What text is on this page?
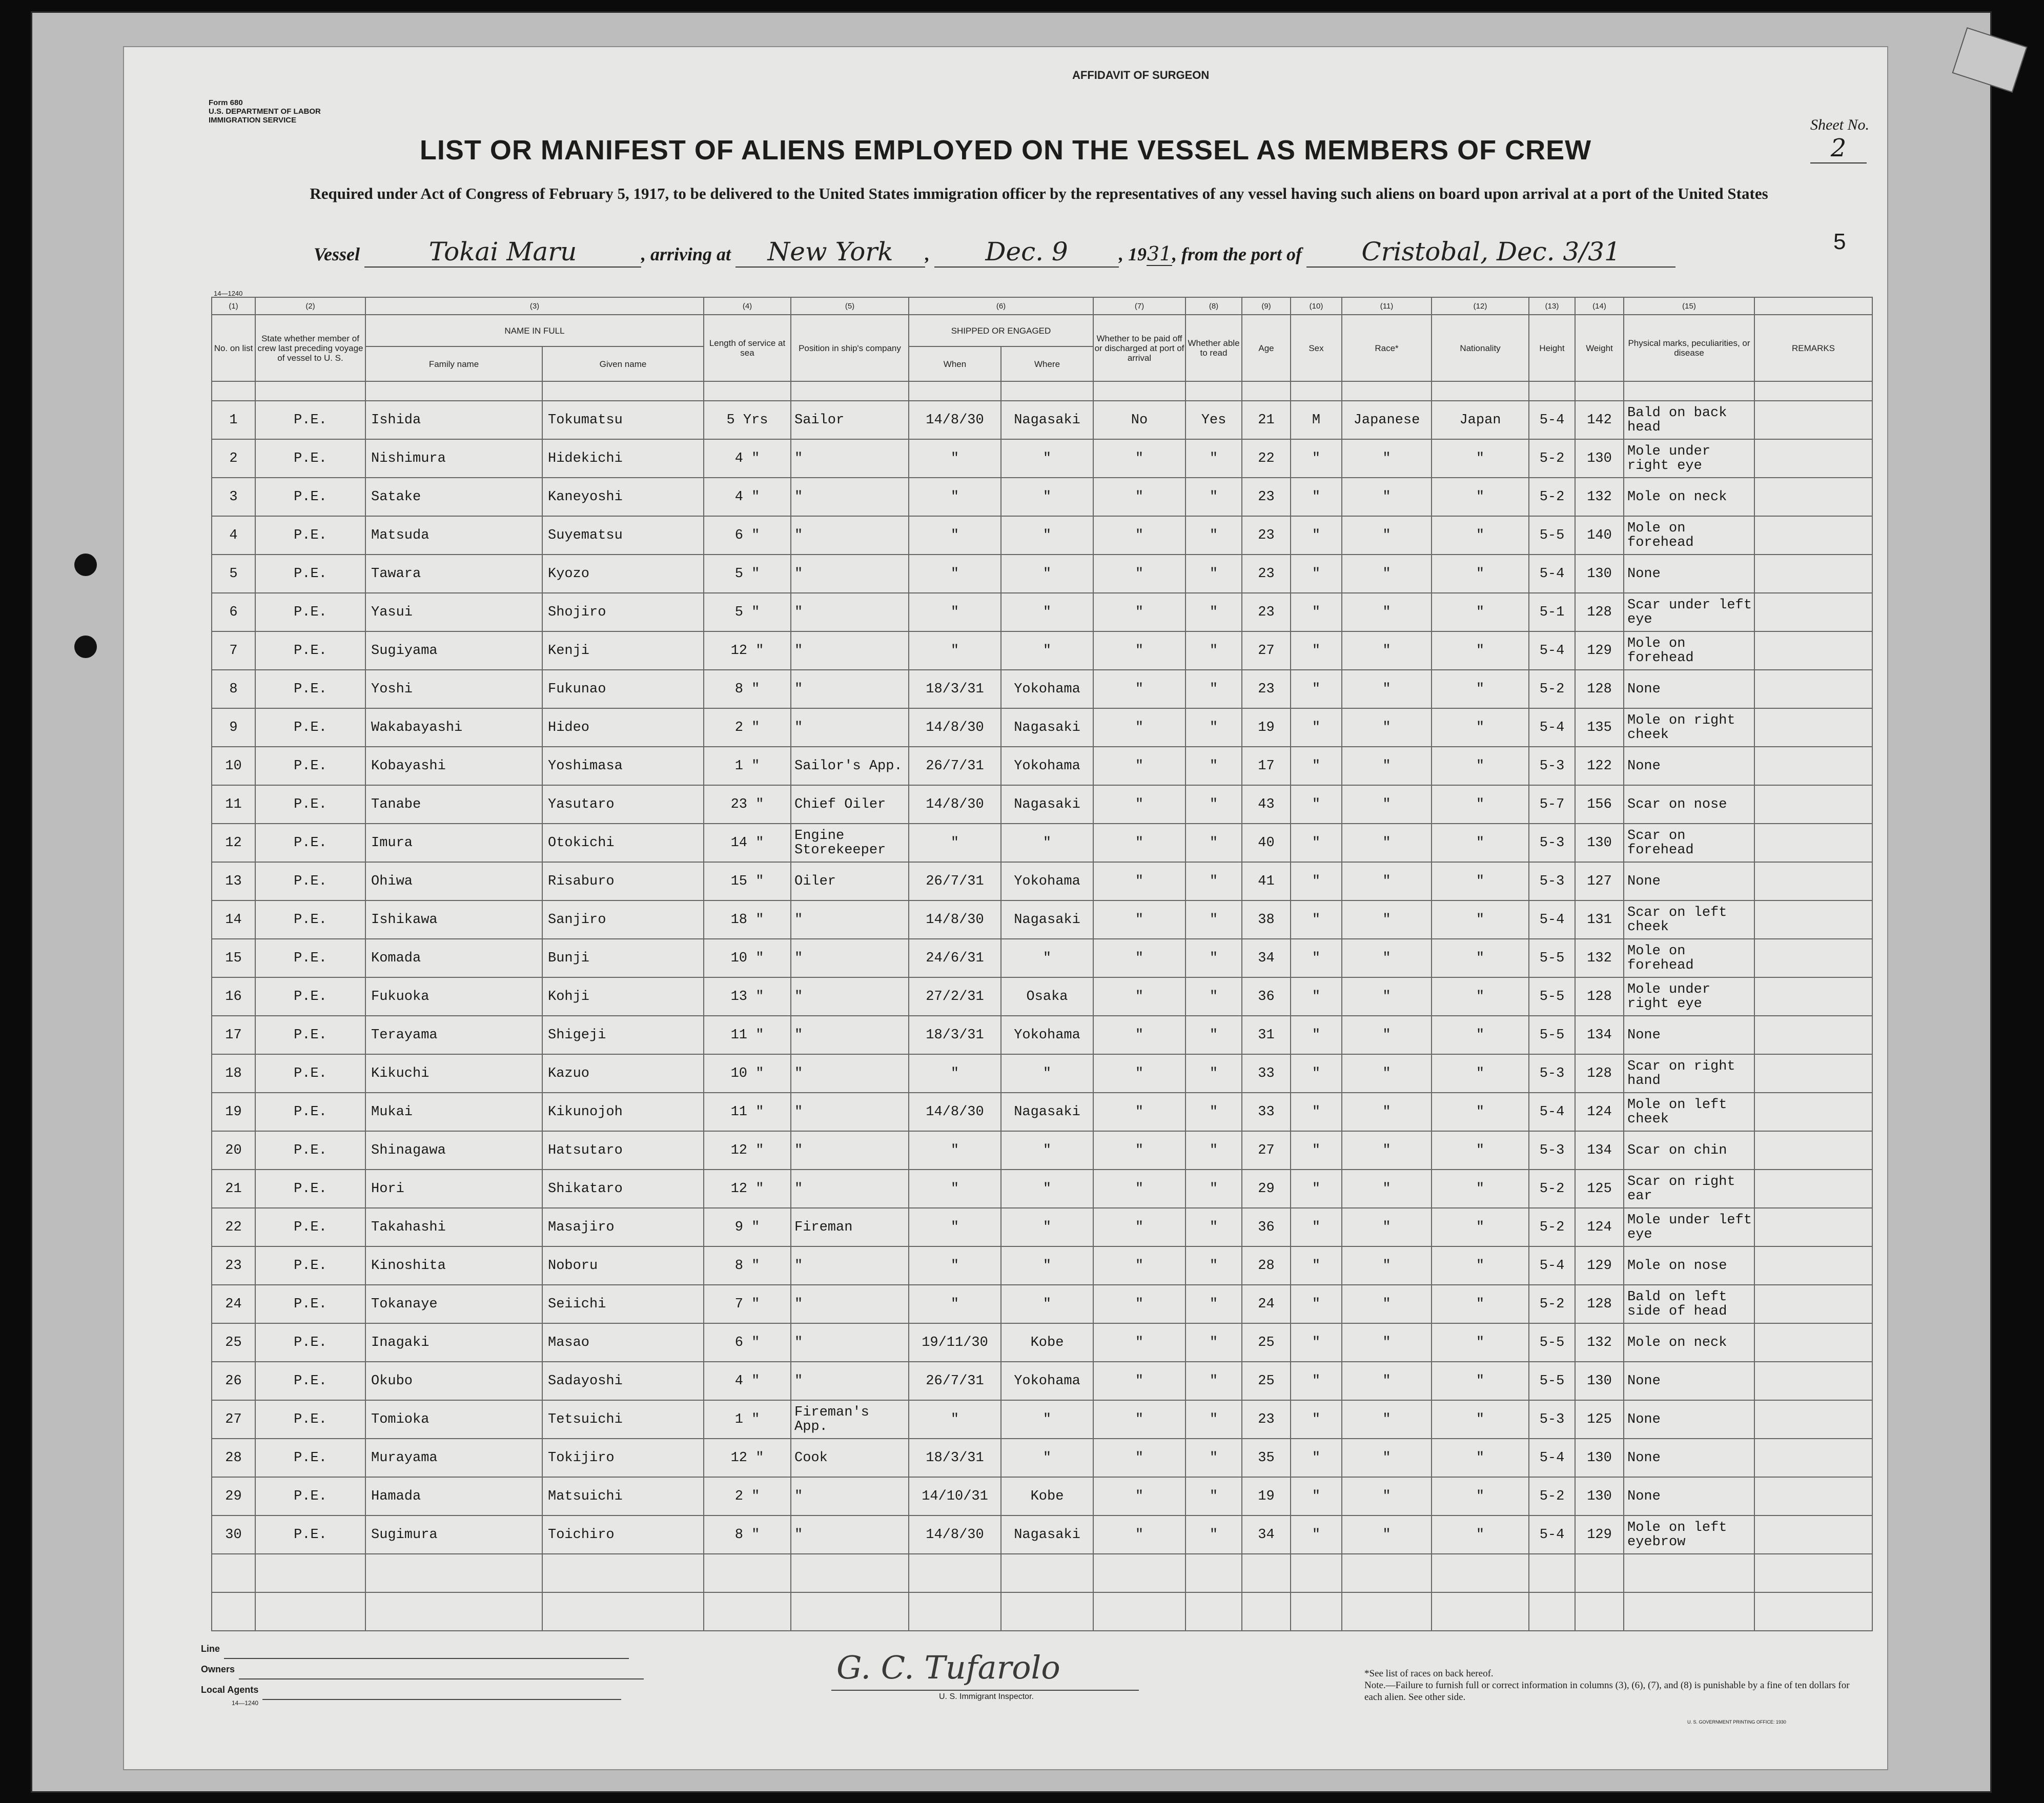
AFFIDAVIT OF SURGEON
Form 680
U.S. DEPARTMENT OF LABOR
IMMIGRATION SERVICE	Sheet No. 2
LIST OR MANIFEST OF ALIENS EMPLOYED ON THE VESSEL AS MEMBERS OF CREW
Required under Act of Congress of February 5, 1917, to be delivered to the United States immigration officer by the representatives of any vessel having such aliens on board upon arrival at a port of the United States
Vessel	Tokai Maru	, arriving at New York , Dec. 9	, 1931, from the port of Cristobal, Dec. 3/31	5
14—1240
(1)	(2)	(3)		(4)	(5)	(6)		(7)	(8)	(9)	(10)	(11)	(12)	(13)	(14)	(15)	
No. on list	State whether member of crew last preceding voyage of vessel to U. S.	NAME IN FULL		Length of service at sea	Position in ship's company	SHIPPED OR ENGAGED		Whether to be paid off or discharged at port of arrival	Whether able to read	Age	Sex	Race*	Nationality	Height	Weight	Physical marks, peculiarities, or disease	REMARKS
		Family name	Given name			When	Where										

1	P.E.	Ishida	Tokumatsu	5 Yrs	Sailor	14/8/30	Nagasaki	No	Yes	21	M	Japanese	Japan	5-4	142	Bald on back head	
2	P.E.	Nishimura	Hidekichi	4 "	"	"	"	"	"	22	"	"	"	5-2	130	Mole under right eye	
3	P.E.	Satake	Kaneyoshi	4 "	"	"	"	"	"	23	"	"	"	5-2	132	Mole on neck	
4	P.E.	Matsuda	Suyematsu	6 "	"	"	"	"	"	23	"	"	"	5-5	140	Mole on forehead	
5	P.E.	Tawara	Kyozo	5 "	"	"	"	"	"	23	"	"	"	5-4	130	None	
6	P.E.	Yasui	Shojiro	5 "	"	"	"	"	"	23	"	"	"	5-1	128	Scar under left eye	
7	P.E.	Sugiyama	Kenji	12 "	"	"	"	"	"	27	"	"	"	5-4	129	Mole on forehead	
8	P.E.	Yoshi	Fukunao	8 "	"	18/3/31	Yokohama	"	"	23	"	"	"	5-2	128	None	
9	P.E.	Wakabayashi	Hideo	2 "	"	14/8/30	Nagasaki	"	"	19	"	"	"	5-4	135	Mole on right cheek	
10	P.E.	Kobayashi	Yoshimasa	1 "	Sailor's App.	26/7/31	Yokohama	"	"	17	"	"	"	5-3	122	None	
11	P.E.	Tanabe	Yasutaro	23 "	Chief Oiler	14/8/30	Nagasaki	"	"	43	"	"	"	5-7	156	Scar on nose	
12	P.E.	Imura	Otokichi	14 "	Engine Storekeeper	"	"	"	"	40	"	"	"	5-3	130	Scar on forehead	
13	P.E.	Ohiwa	Risaburo	15 "	Oiler	26/7/31	Yokohama	"	"	41	"	"	"	5-3	127	None	
14	P.E.	Ishikawa	Sanjiro	18 "	"	14/8/30	Nagasaki	"	"	38	"	"	"	5-4	131	Scar on left cheek	
15	P.E.	Komada	Bunji	10 "	"	24/6/31	"	"	"	34	"	"	"	5-5	132	Mole on forehead	
16	P.E.	Fukuoka	Kohji	13 "	"	27/2/31	Osaka	"	"	36	"	"	"	5-5	128	Mole under right eye	
17	P.E.	Terayama	Shigeji	11 "	"	18/3/31	Yokohama	"	"	31	"	"	"	5-5	134	None	
18	P.E.	Kikuchi	Kazuo	10 "	"	"	"	"	"	33	"	"	"	5-3	128	Scar on right hand	
19	P.E.	Mukai	Kikunojoh	11 "	"	14/8/30	Nagasaki	"	"	33	"	"	"	5-4	124	Mole on left cheek	
20	P.E.	Shinagawa	Hatsutaro	12 "	"	"	"	"	"	27	"	"	"	5-3	134	Scar on chin	
21	P.E.	Hori	Shikataro	12 "	"	"	"	"	"	29	"	"	"	5-2	125	Scar on right ear	
22	P.E.	Takahashi	Masajiro	9 "	Fireman	"	"	"	"	36	"	"	"	5-2	124	Mole under left eye	
23	P.E.	Kinoshita	Noboru	8 "	"	"	"	"	"	28	"	"	"	5-4	129	Mole on nose	
24	P.E.	Tokanaye	Seiichi	7 "	"	"	"	"	"	24	"	"	"	5-2	128	Bald on left side of head	
25	P.E.	Inagaki	Masao	6 "	"	19/11/30	Kobe	"	"	25	"	"	"	5-5	132	Mole on neck	
26	P.E.	Okubo	Sadayoshi	4 "	"	26/7/31	Yokohama	"	"	25	"	"	"	5-5	130	None	
27	P.E.	Tomioka	Tetsuichi	1 "	Fireman's App.	"	"	"	"	23	"	"	"	5-3	125	None	
28	P.E.	Murayama	Tokijiro	12 "	Cook	18/3/31	"	"	"	35	"	"	"	5-4	130	None	
29	P.E.	Hamada	Matsuichi	2 "	"	14/10/31	Kobe	"	"	19	"	"	"	5-2	130	None	
30	P.E.	Sugimura	Toichiro	8 "	"	14/8/30	Nagasaki	"	"	34	"	"	"	5-4	129	Mole on left eyebrow	

Line
Owners
Local Agents
14—1240
G. C. Tufarolo
U. S. Immigrant Inspector.
*See list of races on back hereof.
Note.—Failure to furnish full or correct information in columns (3), (6), (7), and (8) is punishable by a fine of ten dollars for each alien. See other side.
U. S. GOVERNMENT PRINTING OFFICE: 1930
